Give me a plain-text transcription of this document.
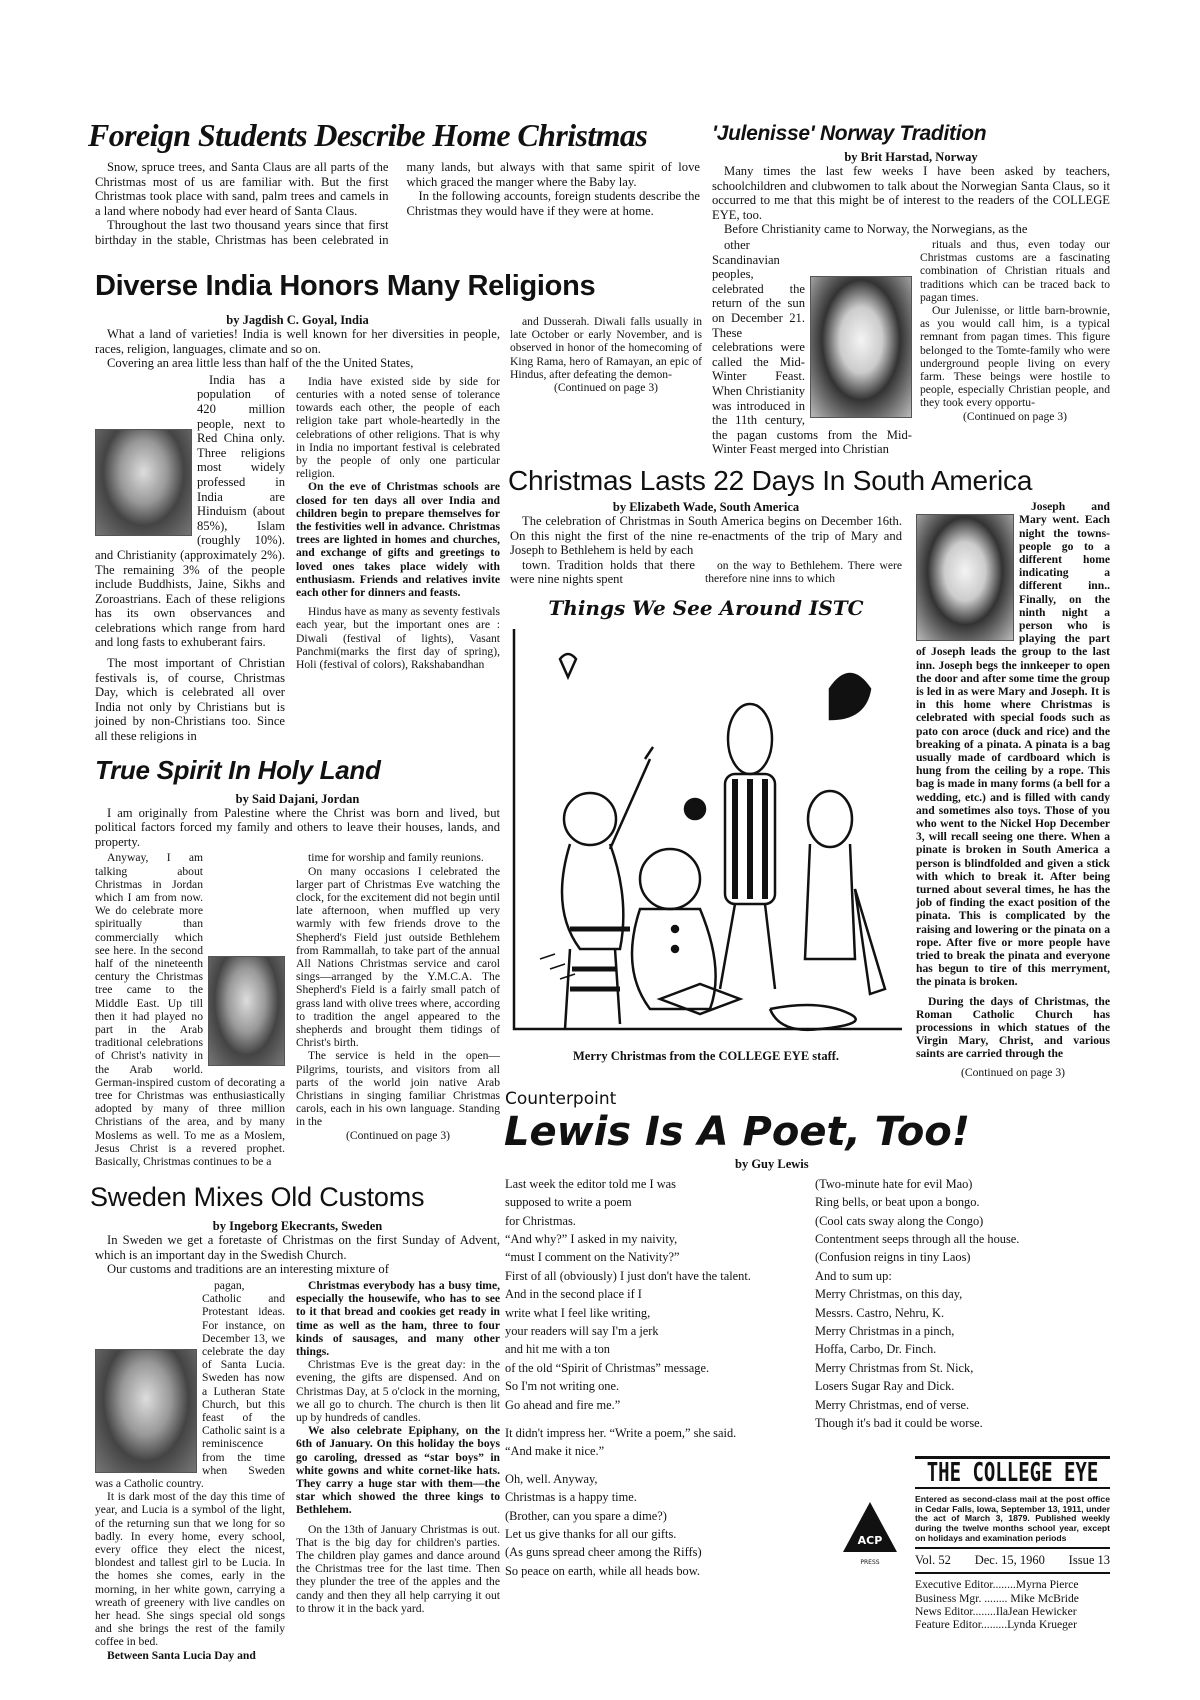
Foreign Students Describe Home Christmas

Snow, spruce trees, and Santa Claus are all parts of the Christmas most of us are familiar with. But the first Christmas took place with sand, palm trees and camels in a land where nobody had ever heard of Santa Claus.

Throughout the last two thousand years since that first birthday in the stable, Christmas has been celebrated in many lands, but always with that same spirit of love which graced the manger where the Baby lay.

In the following accounts, foreign students describe the Christmas they would have if they were at home.

'Julenisse' Norway Tradition
by Brit Harstad, Norway

Many times the last few weeks I have been asked by teachers, schoolchildren and clubwomen to talk about the Norwegian Santa Claus, so it occurred to me that this might be of interest to the readers of the COLLEGE EYE, too.

Before Christianity came to Norway, the Norwegians, as the

other Scandinavian peoples, celebrated the return of the sun on December 21. These celebrations were called the Mid-Winter Feast. When Christianity was introduced in the 11th century, the pagan customs from the Mid-Winter Feast merged into Christian

rituals and thus, even today our Christmas customs are a fascinating combination of Christian rituals and traditions which can be traced back to pagan times.

Our Julenisse, or little barn-brownie, as you would call him, is a typical remnant from pagan times. This figure belonged to the Tomte-family who were underground people living on every farm. These beings were hostile to people, especially Christian people, and they took every opportu-

(Continued on page 3)
Diverse India Honors Many Religions
by Jagdish C. Goyal, India

What a land of varieties! India is well known for her diversities in people, races, religion, languages, climate and so on.

Covering an area little less than half of the the United States,

India has a population of 420 million people, next to Red China only. Three religions most widely professed in India are Hinduism (about 85%), Islam (roughly 10%). and Christianity (approximately 2%). The remaining 3% of the people include Buddhists, Jaine, Sikhs and Zoroastrians. Each of these religions has its own observances and celebrations which range from hard and long fasts to exhuberant fairs.

The most important of Christian festivals is, of course, Christmas Day, which is celebrated all over India not only by Christians but is joined by non-Christians too. Since all these religions in

India have existed side by side for centuries with a noted sense of tolerance towards each other, the people of each religion take part whole-heartedly in the celebrations of other religions. That is why in India no important festival is celebrated by the people of only one particular religion.

On the eve of Christmas schools are closed for ten days all over India and children begin to prepare themselves for the festivities well in advance. Christmas trees are lighted in homes and churches, and exchange of gifts and greetings to loved ones takes place widely with enthusiasm. Friends and relatives invite each other for dinners and feasts.

Hindus have as many as seventy festivals each year, but the important ones are : Diwali (festival of lights), Vasant Panchmi(marks the first day of spring), Holi (festival of colors), Rakshabandhan

and Dusserah. Diwali falls usually in late October or early November, and is observed in honor of the homecoming of King Rama, hero of Ramayan, an epic of Hindus, after defeating the demon-

(Continued on page 3)
Christmas Lasts 22 Days In South America
by Elizabeth Wade, South America

The celebration of Christmas in South America begins on December 16th. On this night the first of the nine re-enactments of the trip of Mary and Joseph to Bethlehem is held by each

town. Tradition holds that there were nine nights spent

on the way to Bethlehem. There were therefore nine inns to which

Joseph and Mary went. Each night the towns-people go to a different home indicating a different inn.. Finally, on the ninth night a person who is playing the part of Joseph leads the group to the last inn. Joseph begs the innkeeper to open the door and after some time the group is led in as were Mary and Joseph. It is in this home where Christmas is celebrated with special foods such as pato con aroce (duck and rice) and the breaking of a pinata. A pinata is a bag usually made of cardboard which is hung from the ceiling by a rope. This bag is made in many forms (a bell for a wedding, etc.) and is filled with candy and sometimes also toys. Those of you who went to the Nickel Hop December 3, will recall seeing one there. When a pinate is broken in South America a person is blindfolded and given a stick with which to break it. After being turned about several times, he has the job of finding the exact position of the pinata. This is complicated by the raising and lowering or the pinata on a rope. After five or more people have tried to break the pinata and everyone has begun to tire of this merryment, the pinata is broken.

During the days of Christmas, the Roman Catholic Church has processions in which statues of the Virgin Mary, Christ, and various saints are carried through the

(Continued on page 3)
Things We See Around ISTC
Merry Christmas from the COLLEGE EYE staff.
True Spirit In Holy Land
by Said Dajani, Jordan

I am originally from Palestine where the Christ was born and lived, but political factors forced my family and others to leave their houses, lands, and property.

Anyway, I am talking about Christmas in Jordan which I am from now. We do celebrate more spiritually than commercially which see here. In the second half of the nineteenth century the Christmas tree came to the Middle East. Up till then it had played no part in the Arab traditional celebrations of Christ's nativity in the Arab world. German-inspired custom of decorating a tree for Christmas was enthusiastically adopted by many of three million Christians of the area, and by many Moslems as well. To me as a Moslem, Jesus Christ is a revered prophet. Basically, Christmas continues to be a

time for worship and family reunions.

On many occasions I celebrated the larger part of Christmas Eve watching the clock, for the excitement did not begin until late afternoon, when muffled up very warmly with few friends drove to the Shepherd's Field just outside Bethlehem from Rammallah, to take part of the annual All Nations Christmas service and carol sings—arranged by the Y.M.C.A. The Shepherd's Field is a fairly small patch of grass land with olive trees where, according to tradition the angel appeared to the shepherds and brought them tidings of Christ's birth.

The service is held in the open—Pilgrims, tourists, and visitors from all parts of the world join native Arab Christians in singing familiar Christmas carols, each in his own language. Standing in the

(Continued on page 3)
Sweden Mixes Old Customs
by Ingeborg Ekecrants, Sweden

In Sweden we get a foretaste of Christmas on the first Sunday of Advent, which is an important day in the Swedish Church.

Our customs and traditions are an interesting mixture of

pagan, Catholic and Protestant ideas. For instance, on December 13, we celebrate the day of Santa Lucia. Sweden has now a Lutheran State Church, but this feast of the Catholic saint is a reminiscence from the time when Sweden was a Catholic country.

It is dark most of the day this time of year, and Lucia is a symbol of the light, of the returning sun that we long for so badly. In every home, every school, every office they elect the nicest, blondest and tallest girl to be Lucia. In the homes she comes, early in the morning, in her white gown, carrying a wreath of greenery with live candles on her head. She sings special old songs and she brings the rest of the family coffee in bed.

Between Santa Lucia Day and

Christmas everybody has a busy time, especially the housewife, who has to see to it that bread and cookies get ready in time as well as the ham, three to four kinds of sausages, and many other things.

Christmas Eve is the great day: in the evening, the gifts are dispensed. And on Christmas Day, at 5 o'clock in the morning, we all go to church. The church is then lit up by hundreds of candles.

We also celebrate Epiphany, on the 6th of January. On this holiday the boys go caroling, dressed as “star boys” in white gowns and white cornet-like hats. They carry a huge star with them—the star which showed the three kings to Bethlehem.

On the 13th of January Christmas is out. That is the big day for children's parties. The children play games and dance around the Christmas tree for the last time. Then they plunder the tree of the apples and the candy and then they all help carrying it out to throw it in the back yard.

Counterpoint
Lewis Is A Poet, Too!
by Guy Lewis

Last week the editor told me I was

supposed to write a poem

for Christmas.

“And why?” I asked in my naivity,

“must I comment on the Nativity?”

First of all (obviously) I just don't have the talent.

And in the second place if I

write what I feel like writing,

your readers will say I'm a jerk

and hit me with a ton

of the old “Spirit of Christmas” message.

So I'm not writing one.

Go ahead and fire me.”

It didn't impress her. “Write a poem,” she said.

“And make it nice.”

Oh, well. Anyway,

Christmas is a happy time.

(Brother, can you spare a dime?)

Let us give thanks for all our gifts.

(As guns spread cheer among the Riffs)

So peace on earth, while all heads bow.

(Two-minute hate for evil Mao)

Ring bells, or beat upon a bongo.

(Cool cats sway along the Congo)

Contentment seeps through all the house.

(Confusion reigns in tiny Laos)

And to sum up:

Merry Christmas, on this day,

Messrs. Castro, Nehru, K.

Merry Christmas in a pinch,

Hoffa, Carbo, Dr. Finch.

Merry Christmas from St. Nick,

Losers Sugar Ray and Dick.

Merry Christmas, end of verse.

Though it's bad it could be worse.

ACP
PRESS
THE COLLEGE EYE
Entered as second-class mail at the post office in Cedar Falls, Iowa, September 13, 1911, under the act of March 3, 1879. Published weekly during the twelve months school year, except on holidays and examination periods
Vol. 52 Dec. 15, 1960 Issue 13

Executive Editor........Myrna Pierce

Business Mgr. ........ Mike McBride

News Editor........IlaJean Hewicker

Feature Editor.........Lynda Krueger
